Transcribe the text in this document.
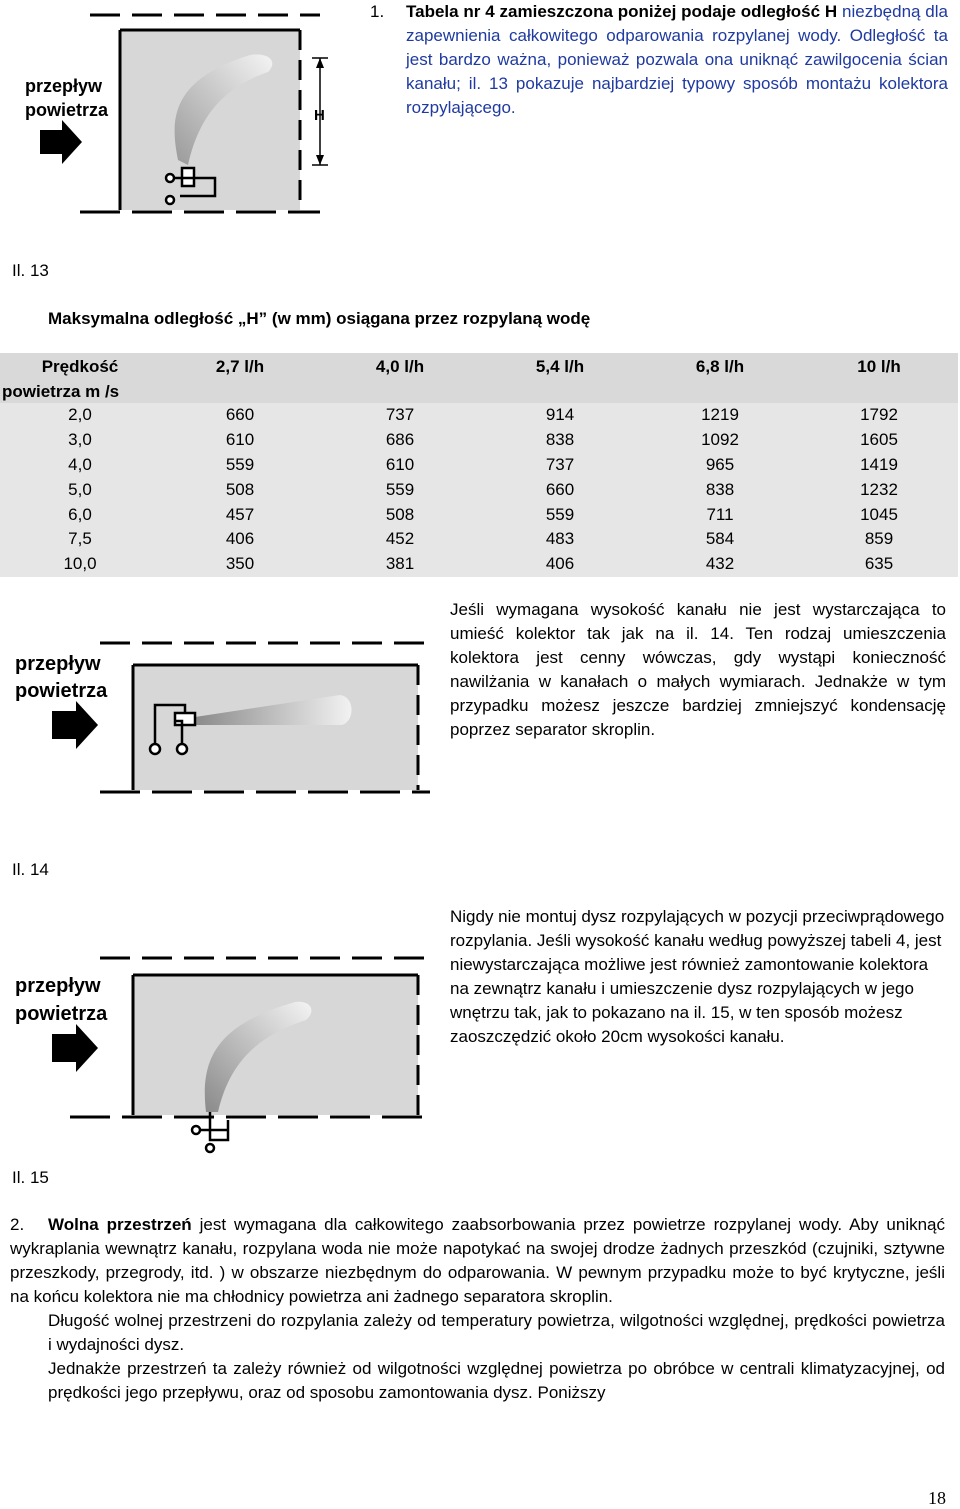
1. Tabela nr 4 zamieszczona poniżej podaje odległość H niezbędną dla zapewnienia całkowitego odparowania rozpylanej wody. Odległość ta jest bardzo ważna, ponieważ pozwala ona uniknąć zawilgocenia ścian kanału; il. 13 pokazuje najbardziej typowy sposób montażu kolektora rozpylającego.
H
przepływ
powietrza
Il. 13
Maksymalna odległość „H” (w mm) osiągana przez rozpylaną wodę
Prędkość	2,7 l/h	4,0 l/h	5,4 l/h	6,8 l/h	10 l/h
powietrza m /s					
2,0	660	737	914	1219	1792
3,0	610	686	838	1092	1605
4,0	559	610	737	965	1419
5,0	508	559	660	838	1232
6,0	457	508	559	711	1045
7,5	406	452	483	584	859
10,0	350	381	406	432	635
przepływ
powietrza
Jeśli wymagana wysokość kanału nie jest wystarczająca to umieść kolektor tak jak na il. 14. Ten rodzaj umieszczenia kolektora jest cenny wówczas, gdy wystąpi konieczność nawilżania w kanałach o małych wymiarach. Jednakże w tym przypadku możesz jeszcze bardziej zmniejszyć kondensację poprzez separator skroplin.
Il. 14
przepływ
powietrza
Nigdy nie montuj dysz rozpylających w pozycji przeciwprądowego rozpylania. Jeśli wysokość kanału według powyższej tabeli 4, jest niewystarczająca możliwe jest również zamontowanie kolektora na zewnątrz kanału i umieszczenie dysz rozpylających w jego wnętrzu tak, jak to pokazano na il. 15, w ten sposób możesz zaoszczędzić około 20cm wysokości kanału.
Il. 15
2.	Wolna przestrzeń jest wymagana dla całkowitego zaabsorbowania przez powietrze rozpylanej wody. Aby uniknąć wykraplania wewnątrz kanału, rozpylana woda nie może napotykać na swojej drodze żadnych przeszkód (czujniki, sztywne przeszkody, przegrody, itd. ) w obszarze niezbędnym do odparowania. W pewnym przypadku może to być krytyczne, jeśli na końcu kolektora nie ma chłodnicy powietrza ani żadnego separatora skroplin.

Długość wolnej przestrzeni do rozpylania zależy od temperatury powietrza, wilgotności względnej, prędkości powietrza i wydajności dysz.

Jednakże przestrzeń ta zależy również od wilgotności względnej powietrza po obróbce w centrali klimatyzacyjnej, od prędkości jego przepływu, oraz od sposobu zamontowania dysz. Poniższy

18
